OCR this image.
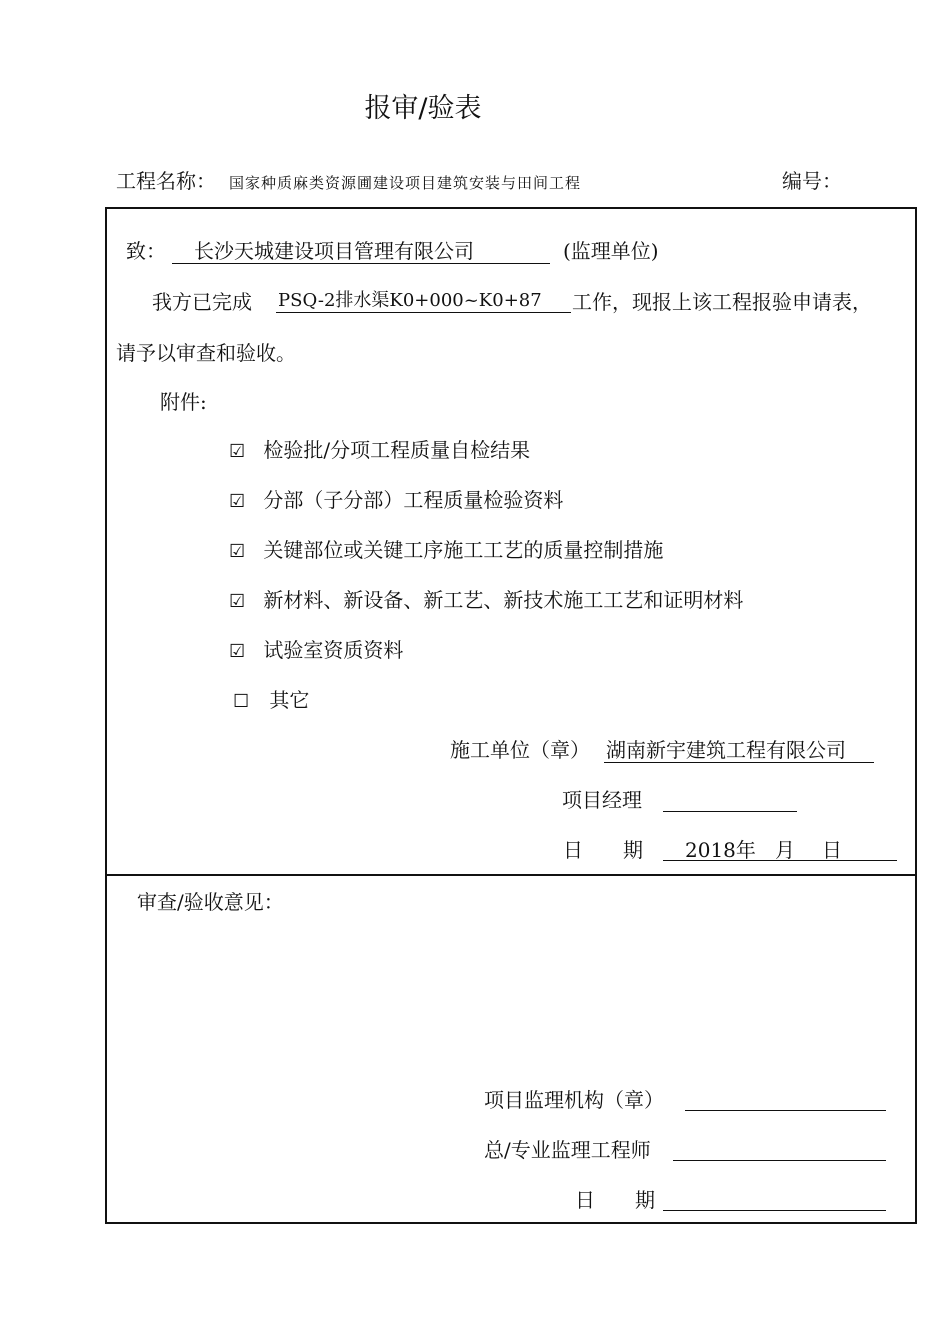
报审/验表
工程名称： 国家种质麻类资源圃建设项目建筑安装与田间工程	编号：
致： 长沙天城建设项目管理有限公司	(监理单位)
我方已完成 PSQ-2排水渠K0+000~K0+87 工作，现报上该工程报验申请表，
请予以审查和验收。
附件:
☑ 检验批/分项工程质量自检结果
☑ 分部（子分部）工程质量检验资料
☑ 关键部位或关键工序施工工艺的质量控制措施
☑ 新材料、新设备、新工艺、新技术施工工艺和证明材料
☑ 试验室资质资料
☐ 其它
施工单位（章） 湖南新宇建筑工程有限公司
项目经理
日　　期 2018年 月 日
审查/验收意见：
项目监理机构（章）
总/专业监理工程师
日　　期
